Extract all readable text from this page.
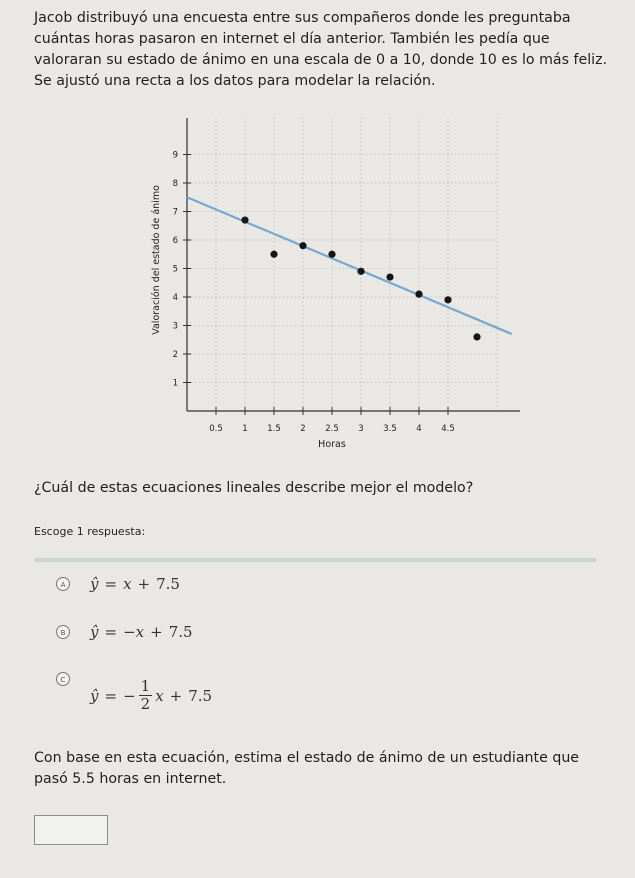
Jacob distribuyó una encuesta entre sus compañeros donde les preguntaba cuántas horas pasaron en internet el día anterior. También les pedía que valoraran su estado de ánimo en una escala de 0 a 10, donde 10 es lo más feliz. Se ajustó una recta a los datos para modelar la relación.

0.5 1 1.5 2 2.5 3 3.5 4 4.5
1
2
3
4
5
6
7
8
9
Horas
Valoración del estado de ánimo

¿Cuál de estas ecuaciones lineales describe mejor el modelo?

Escoge 1 respuesta:

A	ŷ = x + 7.5
B	ŷ = − x + 7.5
C
ŷ = − $\frac{1}{2}$ x + 7.5

Con base en esta ecuación, estima el estado de ánimo de un estudiante que pasó 5.5 horas en internet.
